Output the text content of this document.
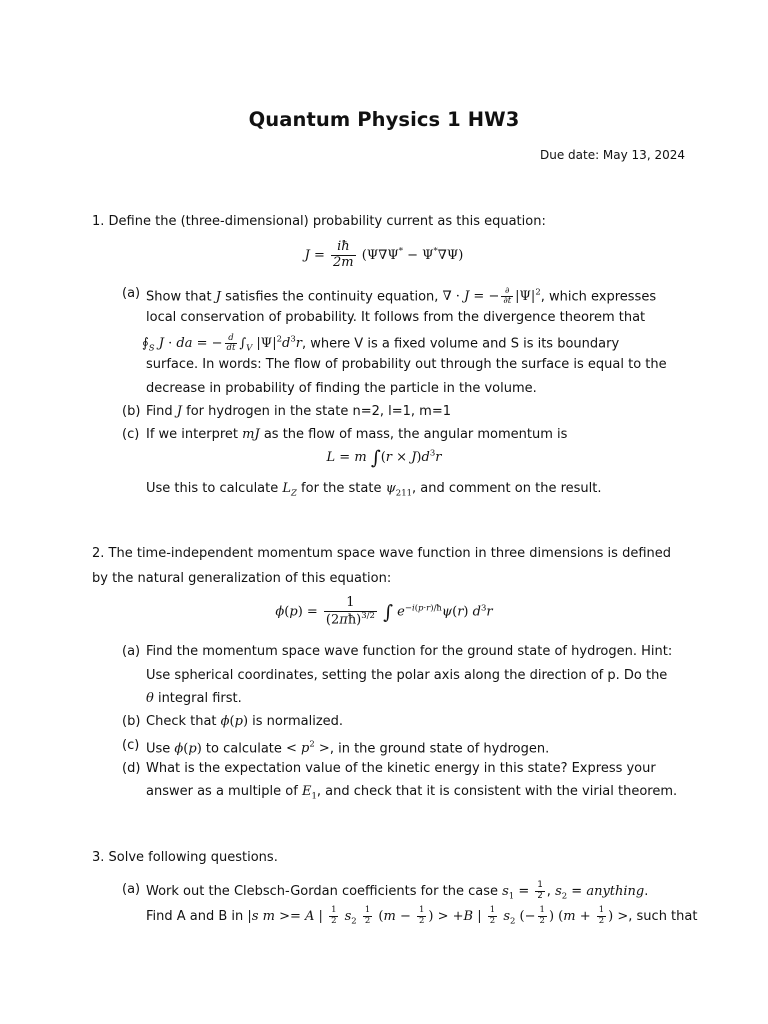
Quantum Physics 1 HW3
Due date: May 13, 2024
1. Define the (three-dimensional) probability current as this equation:
$J = \frac{iħ}{2m} (\Psi\nabla\Psi^* - \Psi^*\nabla\Psi)$
(a) Show that J satisfies the continuity equation, ∇ · J = − $\frac{\partial}{\partial t} |\Psi|^2$, which expresses
local conservation of probability. It follows from the divergence theorem that
$∮_S$ J · da = − $\frac{d}{dt} \int_V$ $|\Psi|^2d^3r$, where V is a fixed volume and S is its boundary
surface. In words: The flow of probability out through the surface is equal to the
decrease in probability of finding the particle in the volume.
(b) Find J for hydrogen in the state n=2, l=1, m=1
(c) If we interpret mJ as the flow of mass, the angular momentum is
L = m $\int(r \times J)d^3r$
Use this to calculate $L_Z$ for the state $\psi_{211}$, and comment on the result.
2. The time-independent momentum space wave function in three dimensions is defined
by the natural generalization of this equation:
$\phi(p) = \frac{1}{(2\pi ħ)^{3/2}}$ ∫ $e^{-i(p\cdot r)/ħ}\psi(r)$ $d^3r$
(a) Find the momentum space wave function for the ground state of hydrogen. Hint:
Use spherical coordinates, setting the polar axis along the direction of p. Do the
θ integral first.
(b) Check that ϕ(p) is normalized.
(c) Use ϕ(p) to calculate < $p^2$ >, in the ground state of hydrogen.
(d) What is the expectation value of the kinetic energy in this state? Express your
answer as a multiple of $E_1$, and check that it is consistent with the virial theorem.
3. Solve following questions.
(a) Work out the Clebsch-Gordan coefficients for the case $s_1 = \frac{1}{2}$ , $s_2$ = anything.
Find A and B in |s m >= A | $\frac{1}{2} s_2 \frac{1}{2} (m - \frac{1}{2}$ ) > +B | $\frac{1}{2} s_2$ (− $\frac{1}{2}$ ) ($m + \frac{1}{2}$ ) >, such that
